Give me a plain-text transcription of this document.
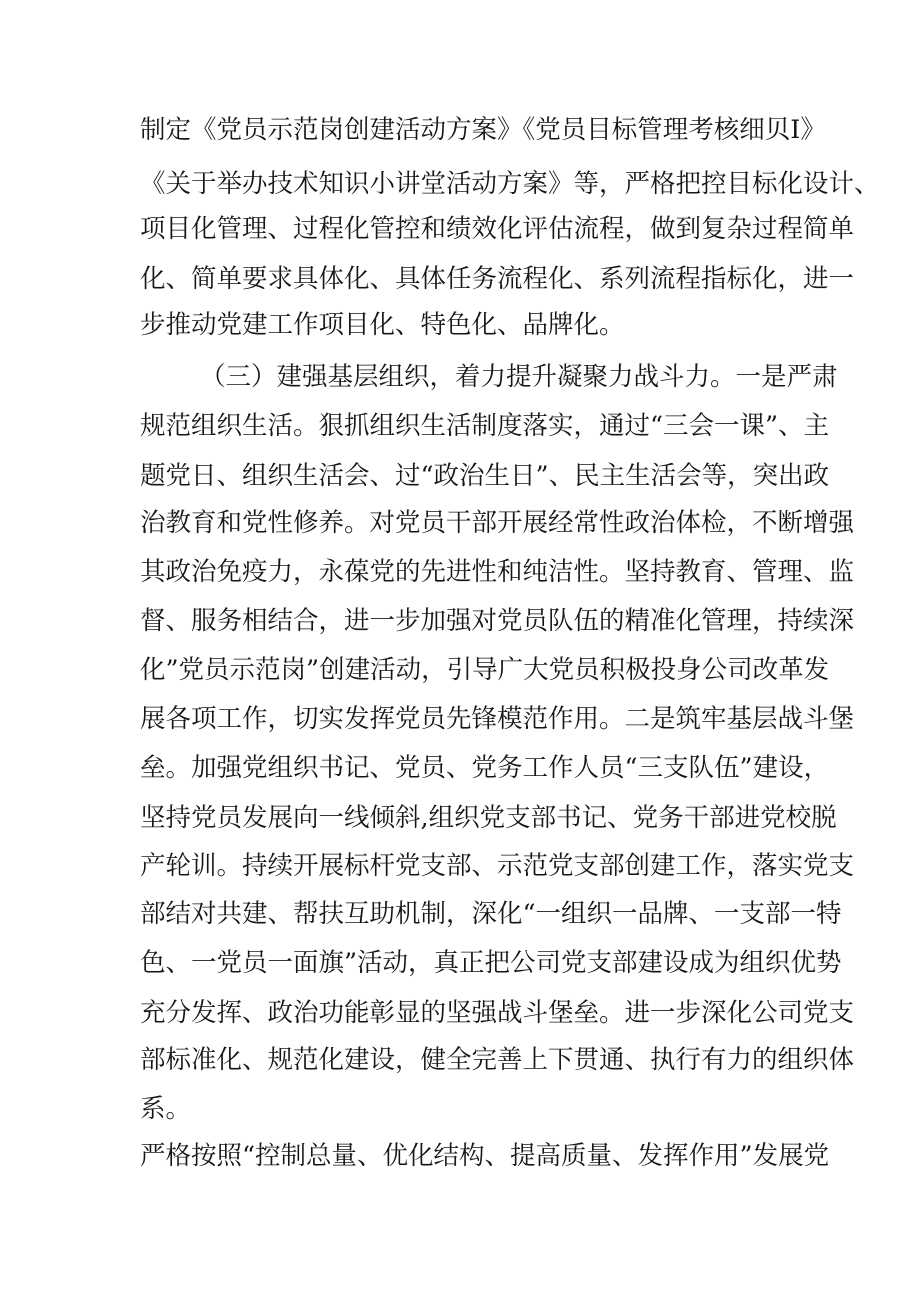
制定《党员示范岗创建活动方案》《党员目标管理考核细贝I》
《关于举办技术知识小讲堂活动方案》等，严格把控目标化设计、
项目化管理、过程化管控和绩效化评估流程，做到复杂过程简单
化、简单要求具体化、具体任务流程化、系列流程指标化，进一
步推动党建工作项目化、特色化、品牌化。
（三）建强基层组织，着力提升凝聚力战斗力。一是严肃
规范组织生活。狠抓组织生活制度落实，通过“三会一课”、主
题党日、组织生活会、过“政治生日”、民主生活会等，突出政
治教育和党性修养。对党员干部开展经常性政治体检，不断增强
其政治免疫力，永葆党的先进性和纯洁性。坚持教育、管理、监
督、服务相结合，进一步加强对党员队伍的精准化管理，持续深
化”党员示范岗”创建活动，引导广大党员积极投身公司改革发
展各项工作，切实发挥党员先锋模范作用。二是筑牢基层战斗堡
垒。加强党组织书记、党员、党务工作人员“三支队伍”建设，
坚持党员发展向一线倾斜,组织党支部书记、党务干部进党校脱
产轮训。持续开展标杆党支部、示范党支部创建工作，落实党支
部结对共建、帮扶互助机制，深化“一组织一品牌、一支部一特
色、一党员一面旗”活动，真正把公司党支部建设成为组织优势
充分发挥、政治功能彰显的坚强战斗堡垒。进一步深化公司党支
部标准化、规范化建设，健全完善上下贯通、执行有力的组织体
系。
严格按照“控制总量、优化结构、提高质量、发挥作用”发展党
